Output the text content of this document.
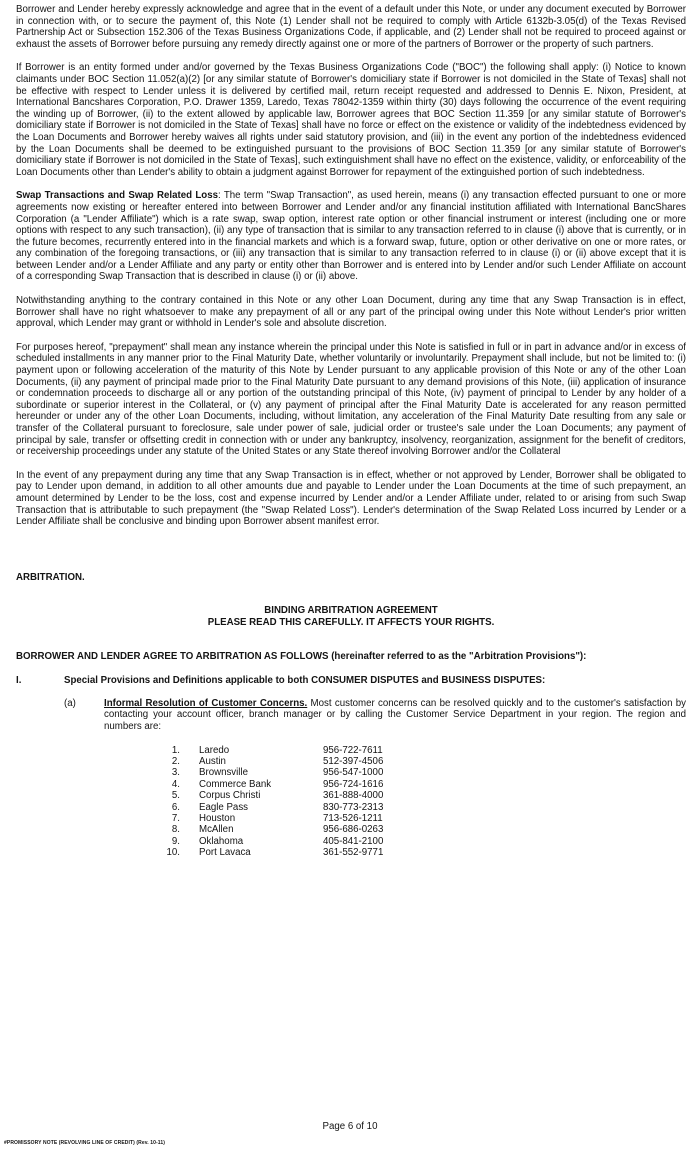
Borrower and Lender hereby expressly acknowledge and agree that in the event of a default under this Note, or under any document executed by Borrower in connection with, or to secure the payment of, this Note (1) Lender shall not be required to comply with Article 6132b-3.05(d) of the Texas Revised Partnership Act or Subsection 152.306 of the Texas Business Organizations Code, if applicable, and (2) Lender shall not be required to proceed against or exhaust the assets of Borrower before pursuing any remedy directly against one or more of the partners of Borrower or the property of such partners.

If Borrower is an entity formed under and/or governed by the Texas Business Organizations Code ("BOC") the following shall apply: (i) Notice to known claimants under BOC Section 11.052(a)(2) [or any similar statute of Borrower's domiciliary state if Borrower is not domiciled in the State of Texas] shall not be effective with respect to Lender unless it is delivered by certified mail, return receipt requested and addressed to Dennis E. Nixon, President, at International Bancshares Corporation, P.O. Drawer 1359, Laredo, Texas 78042-1359 within thirty (30) days following the occurrence of the event requiring the winding up of Borrower, (ii) to the extent allowed by applicable law, Borrower agrees that BOC Section 11.359 [or any similar statute of Borrower's domiciliary state if Borrower is not domiciled in the State of Texas] shall have no force or effect on the existence or validity of the indebtedness evidenced by the Loan Documents and Borrower hereby waives all rights under said statutory provision, and (iii) in the event any portion of the indebtedness evidenced by the Loan Documents shall be deemed to be extinguished pursuant to the provisions of BOC Section 11.359 [or any similar statute of Borrower's domiciliary state if Borrower is not domiciled in the State of Texas], such extinguishment shall have no effect on the existence, validity, or enforceability of the Loan Documents other than Lender's ability to obtain a judgment against Borrower for repayment of the extinguished portion of such indebtedness.

Swap Transactions and Swap Related Loss: The term "Swap Transaction", as used herein, means (i) any transaction effected pursuant to one or more agreements now existing or hereafter entered into between Borrower and Lender and/or any financial institution affiliated with International BancShares Corporation (a "Lender Affiliate") which is a rate swap, swap option, interest rate option or other financial instrument or interest (including one or more options with respect to any such transaction), (ii) any type of transaction that is similar to any transaction referred to in clause (i) above that is currently, or in the future becomes, recurrently entered into in the financial markets and which is a forward swap, future, option or other derivative on one or more rates, or any combination of the foregoing transactions, or (iii) any transaction that is similar to any transaction referred to in clause (i) or (ii) above except that it is between Lender and/or a Lender Affiliate and any party or entity other than Borrower and is entered into by Lender and/or such Lender Affiliate on account of a corresponding Swap Transaction that is described in clause (i) or (ii) above.

Notwithstanding anything to the contrary contained in this Note or any other Loan Document, during any time that any Swap Transaction is in effect, Borrower shall have no right whatsoever to make any prepayment of all or any part of the principal owing under this Note without Lender's prior written approval, which Lender may grant or withhold in Lender's sole and absolute discretion.

For purposes hereof, "prepayment" shall mean any instance wherein the principal under this Note is satisfied in full or in part in advance and/or in excess of scheduled installments in any manner prior to the Final Maturity Date, whether voluntarily or involuntarily. Prepayment shall include, but not be limited to: (i) payment upon or following acceleration of the maturity of this Note by Lender pursuant to any applicable provision of this Note or any of the other Loan Documents, (ii) any payment of principal made prior to the Final Maturity Date pursuant to any demand provisions of this Note, (iii) application of insurance or condemnation proceeds to discharge all or any portion of the outstanding principal of this Note, (iv) payment of principal to Lender by any holder of a subordinate or superior interest in the Collateral, or (v) any payment of principal after the Final Maturity Date is accelerated for any reason permitted hereunder or under any of the other Loan Documents, including, without limitation, any acceleration of the Final Maturity Date resulting from any sale or transfer of the Collateral pursuant to foreclosure, sale under power of sale, judicial order or trustee's sale under the Loan Documents; any payment of principal by sale, transfer or offsetting credit in connection with or under any bankruptcy, insolvency, reorganization, assignment for the benefit of creditors, or receivership proceedings under any statute of the United States or any State thereof involving Borrower and/or the Collateral

In the event of any prepayment during any time that any Swap Transaction is in effect, whether or not approved by Lender, Borrower shall be obligated to pay to Lender upon demand, in addition to all other amounts due and payable to Lender under the Loan Documents at the time of such prepayment, an amount determined by Lender to be the loss, cost and expense incurred by Lender and/or a Lender Affiliate under, related to or arising from such Swap Transaction that is attributable to such prepayment (the "Swap Related Loss"). Lender's determination of the Swap Related Loss incurred by Lender or a Lender Affiliate shall be conclusive and binding upon Borrower absent manifest error.

ARBITRATION.
BINDING ARBITRATION AGREEMENT
PLEASE READ THIS CAREFULLY. IT AFFECTS YOUR RIGHTS.
BORROWER AND LENDER AGREE TO ARBITRATION AS FOLLOWS (hereinafter referred to as the "Arbitration Provisions"):
I.	Special Provisions and Definitions applicable to both CONSUMER DISPUTES and BUSINESS DISPUTES:
(a)	Informal Resolution of Customer Concerns. Most customer concerns can be resolved quickly and to the customer's satisfaction by contacting your account officer, branch manager or by calling the Customer Service Department in your region. The region and numbers are:

1.	Laredo	956-722-7611
2.	Austin	512-397-4506
3.	Brownsville	956-547-1000
4.	Commerce Bank	956-724-1616
5.	Corpus Christi	361-888-4000
6.	Eagle Pass	830-773-2313
7.	Houston	713-526-1211
8.	McAllen	956-686-0263
9.	Oklahoma	405-841-2100
10.	Port Lavaca	361-552-9771
Page 6 of 10
#PROMISSORY NOTE (REVOLVING LINE OF CREDIT) (Rev. 10-11)
